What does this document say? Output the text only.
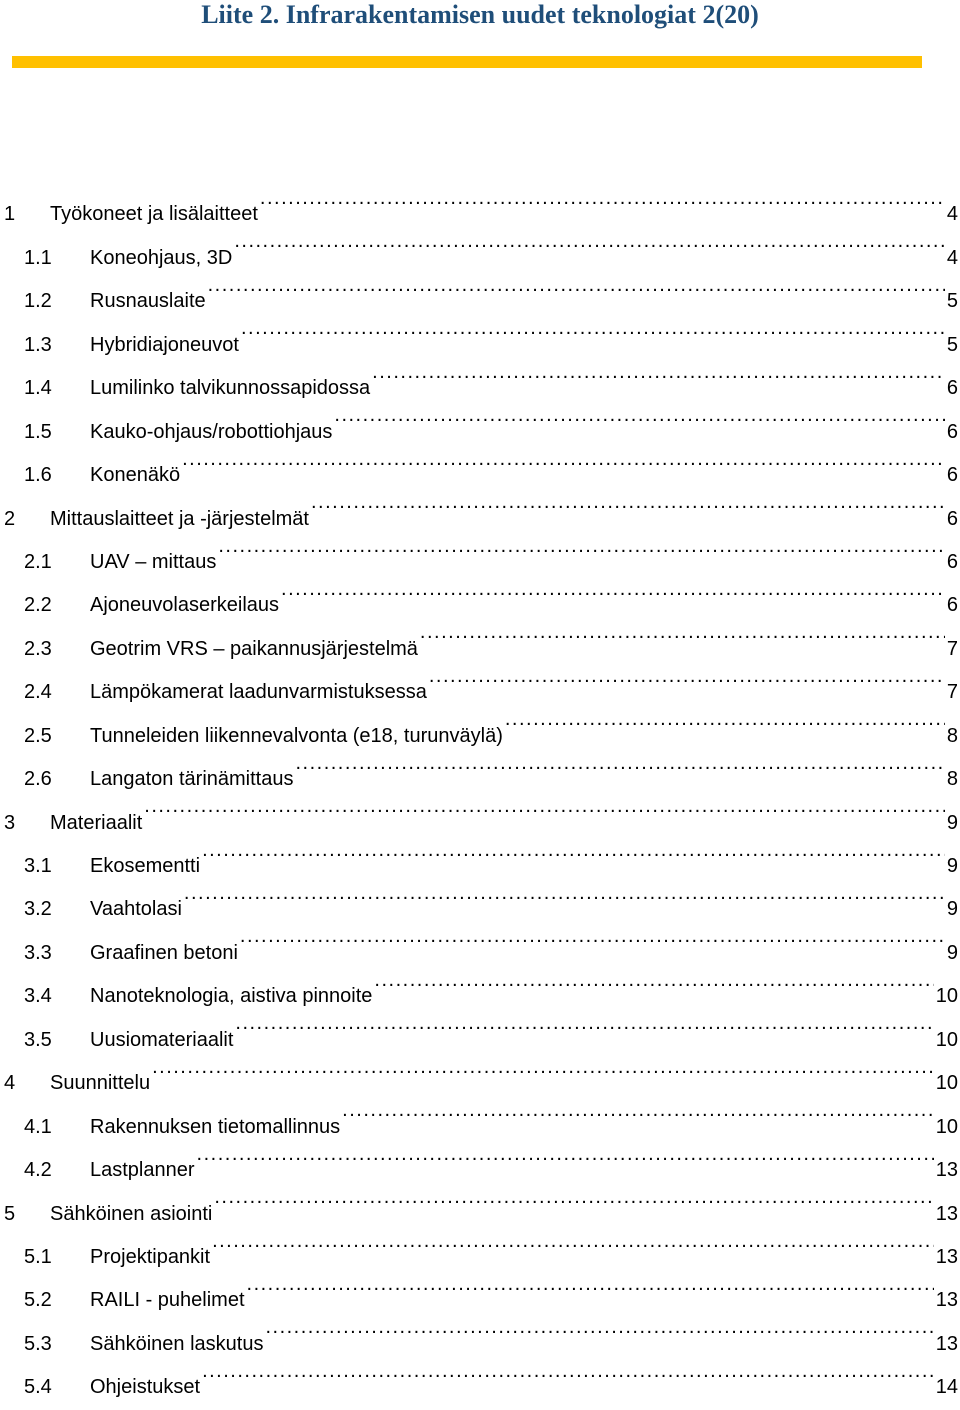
Liite 2. Infrarakentamisen uudet teknologiat 2(20)
1	Työkoneet ja lisälaitteet .....	4
1.1	Koneohjaus, 3D .....	4
1.2	Rusnauslaite .....	5
1.3	Hybridiajoneuvot .....	5
1.4	Lumilinko talvikunnossapidossa .....	6
1.5	Kauko-ohjaus/robottiohjaus .....	6
1.6	Konenäkö .....	6
2	Mittauslaitteet ja -järjestelmät .....	6
2.1	UAV – mittaus .....	6
2.2	Ajoneuvolaserkeilaus .....	6
2.3	Geotrim VRS – paikannusjärjestelmä .....	7
2.4	Lämpökamerat laadunvarmistuksessa .....	7
2.5	Tunneleiden liikennevalvonta (e18, turunväylä) .....	8
2.6	Langaton tärinämittaus .....	8
3	Materiaalit .....	9
3.1	Ekosementti .....	9
3.2	Vaahtolasi .....	9
3.3	Graafinen betoni .....	9
3.4	Nanoteknologia, aistiva pinnoite .....	10
3.5	Uusiomateriaalit .....	10
4	Suunnittelu .....	10
4.1	Rakennuksen tietomallinnus .....	10
4.2	Lastplanner .....	13
5	Sähköinen asiointi .....	13
5.1	Projektipankit .....	13
5.2	RAILI - puhelimet .....	13
5.3	Sähköinen laskutus .....	13
5.4	Ohjeistukset .....	14
